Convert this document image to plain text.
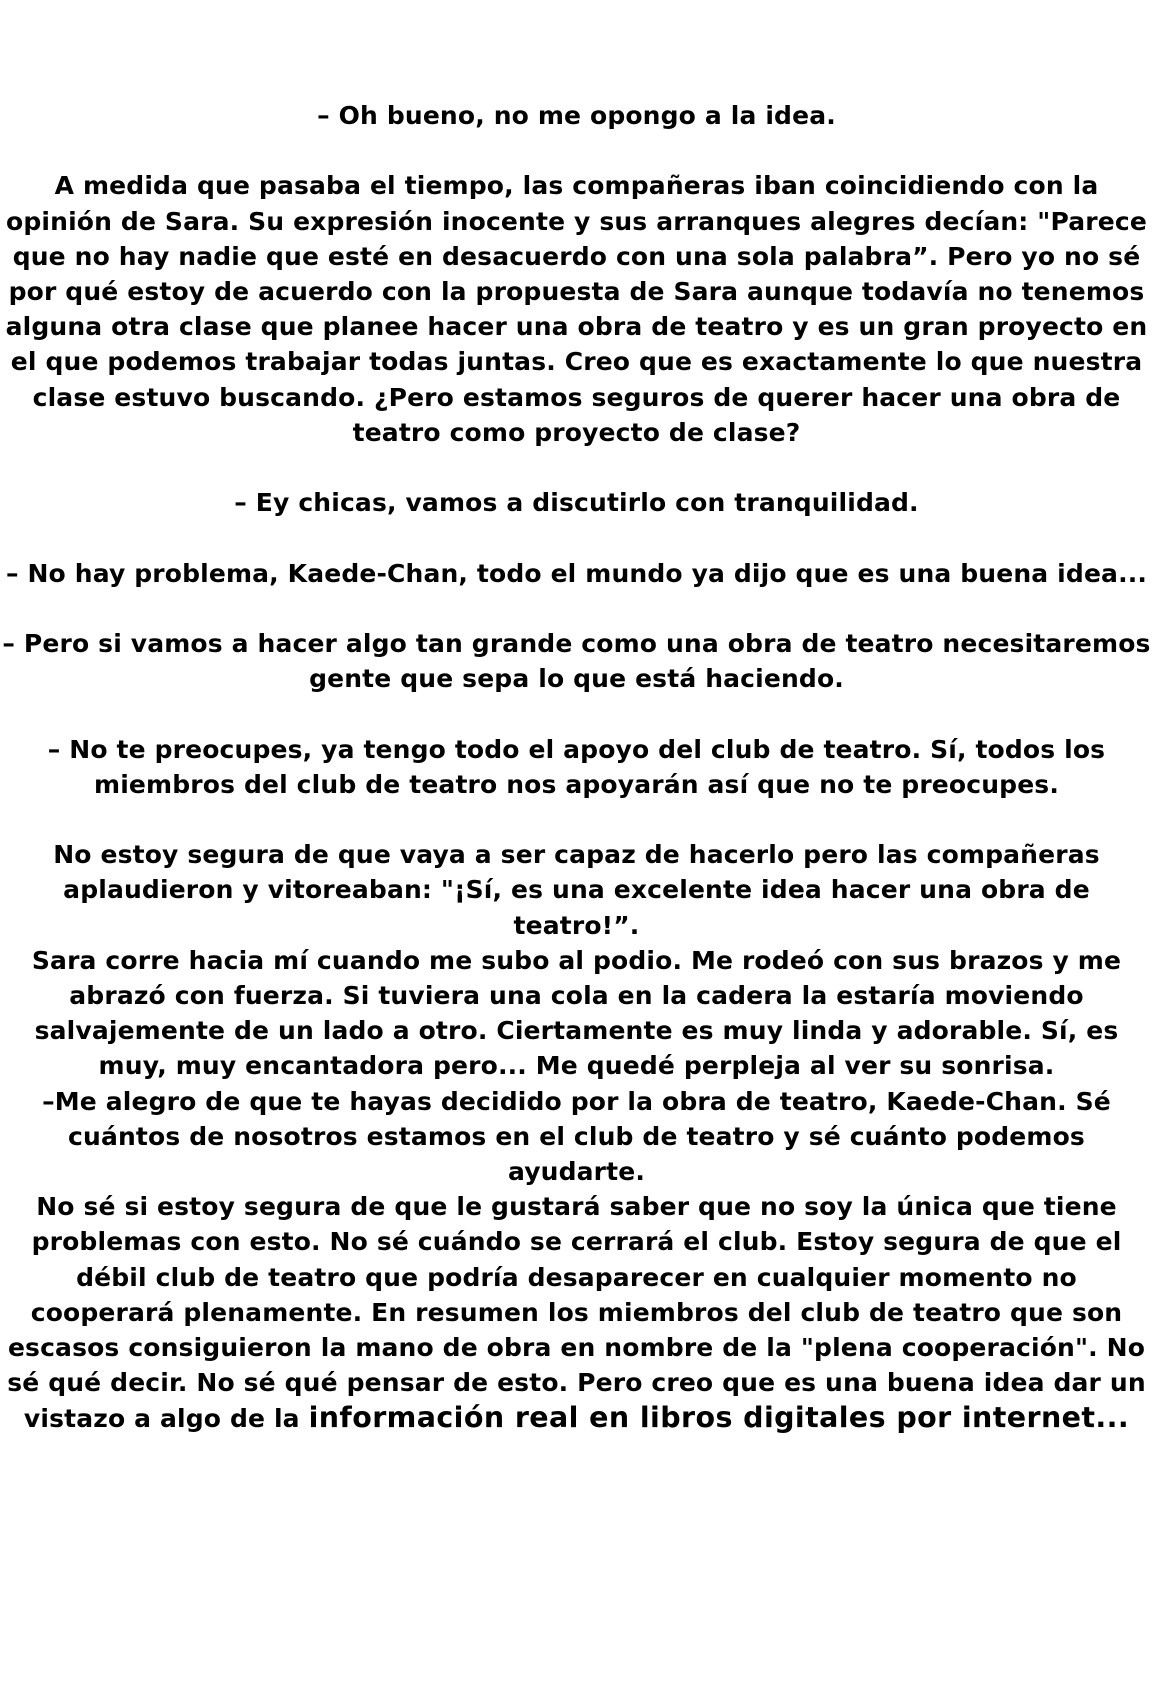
– Oh bueno, no me opongo a la idea.

A medida que pasaba el tiempo, las compañeras iban coincidiendo con la opinión de Sara. Su expresión inocente y sus arranques alegres decían: "Parece que no hay nadie que esté en desacuerdo con una sola palabra”. Pero yo no sé por qué estoy de acuerdo con la propuesta de Sara aunque todavía no tenemos alguna otra clase que planee hacer una obra de teatro y es un gran proyecto en el que podemos trabajar todas juntas. Creo que es exactamente lo que nuestra clase estuvo buscando. ¿Pero estamos seguros de querer hacer una obra de teatro como proyecto de clase?

– Ey chicas, vamos a discutirlo con tranquilidad.

– No hay problema, Kaede-Chan, todo el mundo ya dijo que es una buena idea...

– Pero si vamos a hacer algo tan grande como una obra de teatro necesitaremos gente que sepa lo que está haciendo.

– No te preocupes, ya tengo todo el apoyo del club de teatro. Sí, todos los miembros del club de teatro nos apoyarán así que no te preocupes.

No estoy segura de que vaya a ser capaz de hacerlo pero las compañeras aplaudieron y vitoreaban: "¡Sí, es una excelente idea hacer una obra de teatro!”.

Sara corre hacia mí cuando me subo al podio. Me rodeó con sus brazos y me abrazó con fuerza. Si tuviera una cola en la cadera la estaría moviendo salvajemente de un lado a otro. Ciertamente es muy linda y adorable. Sí, es muy, muy encantadora pero... Me quedé perpleja al ver su sonrisa.

–Me alegro de que te hayas decidido por la obra de teatro, Kaede-Chan. Sé cuántos de nosotros estamos en el club de teatro y sé cuánto podemos ayudarte.

No sé si estoy segura de que le gustará saber que no soy la única que tiene problemas con esto. No sé cuándo se cerrará el club. Estoy segura de que el débil club de teatro que podría desaparecer en cualquier momento no cooperará plenamente. En resumen los miembros del club de teatro que son escasos consiguieron la mano de obra en nombre de la "plena cooperación". No sé qué decir. No sé qué pensar de esto. Pero creo que es una buena idea dar un vistazo a algo de la información real en libros digitales por internet...
